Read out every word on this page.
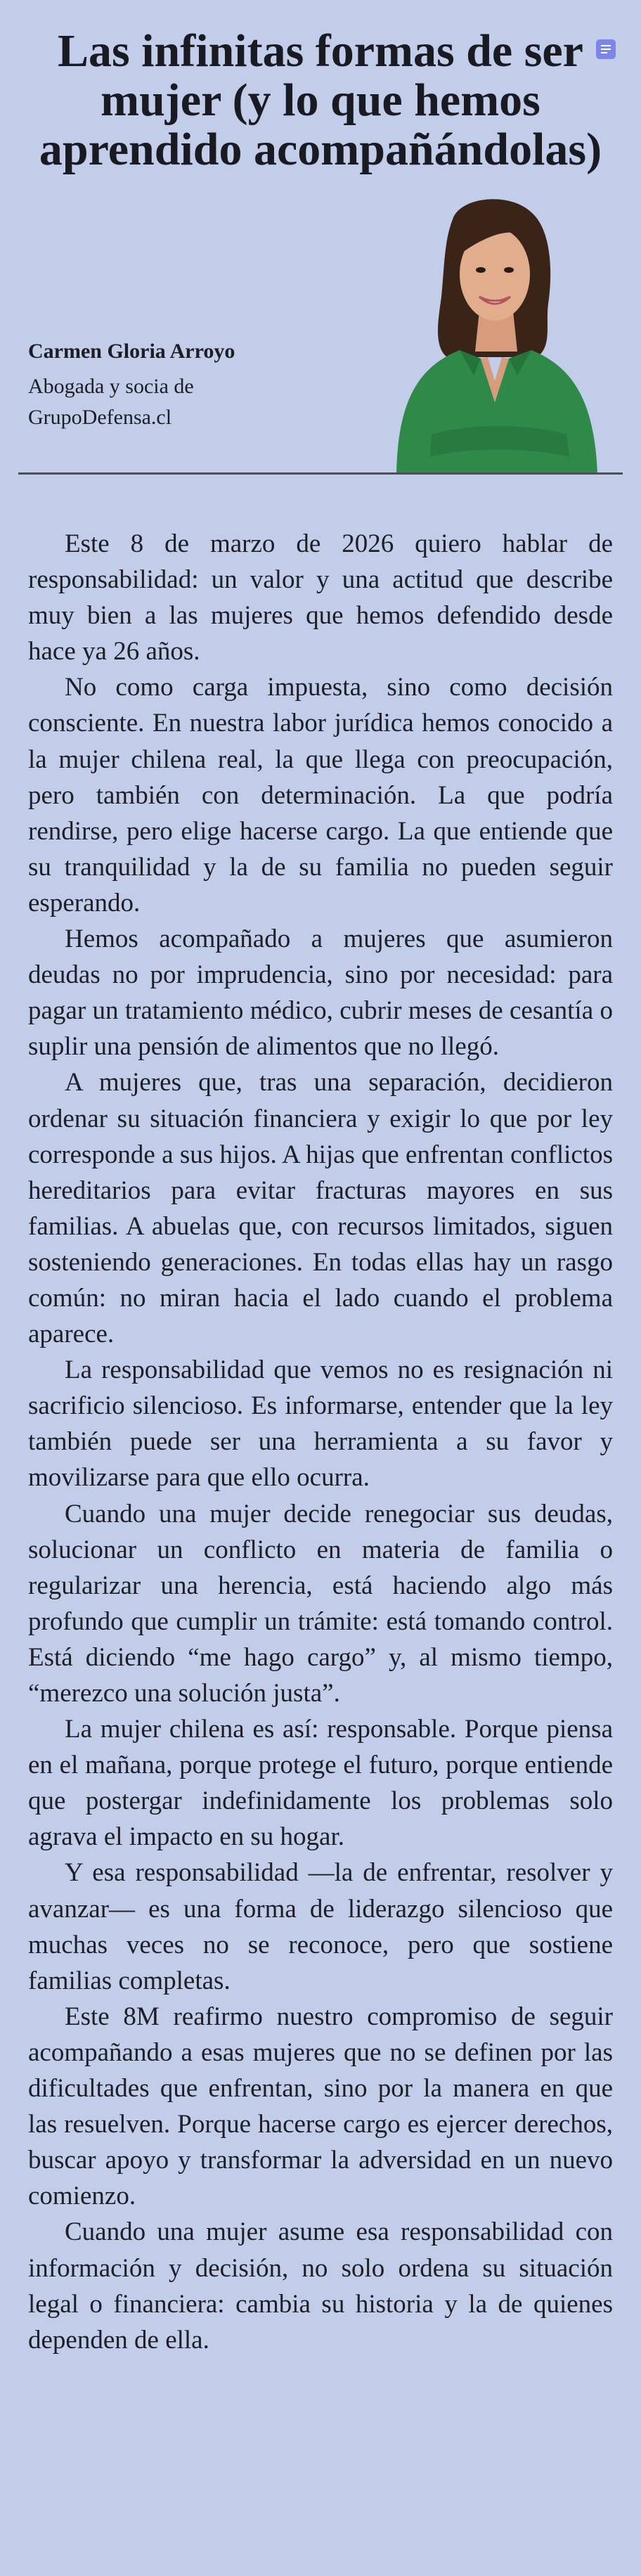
Las infinitas formas de ser mujer (y lo que hemos aprendido acompañándolas)
Carmen Gloria Arroyo
Abogada y socia de
GrupoDefensa.cl

Este 8 de marzo de 2026 quiero hablar de responsabilidad: un valor y una actitud que describe muy bien a las mujeres que hemos defendido desde hace ya 26 años.

No como carga impuesta, sino como decisión consciente. En nuestra labor jurídica hemos conocido a la mujer chilena real, la que llega con preocupación, pero también con determinación. La que podría rendirse, pero elige hacerse cargo. La que entiende que su tranquilidad y la de su familia no pueden seguir esperando.

Hemos acompañado a mujeres que asumieron deudas no por imprudencia, sino por necesidad: para pagar un tratamiento médico, cubrir meses de cesantía o suplir una pensión de alimentos que no llegó.

A mujeres que, tras una separación, decidieron ordenar su situación financiera y exigir lo que por ley corresponde a sus hijos. A hijas que enfrentan conflictos hereditarios para evitar fracturas mayores en sus familias. A abuelas que, con recursos limitados, siguen sosteniendo generaciones. En todas ellas hay un rasgo común: no miran hacia el lado cuando el problema aparece.

La responsabilidad que vemos no es resignación ni sacrificio silencioso. Es informarse, entender que la ley también puede ser una herramienta a su favor y movilizarse para que ello ocurra.

Cuando una mujer decide renegociar sus deudas, solucionar un conflicto en materia de familia o regularizar una herencia, está haciendo algo más profundo que cumplir un trámite: está tomando control. Está diciendo “me hago cargo” y, al mismo tiempo, “merezco una solución justa”.

La mujer chilena es así: responsable. Porque piensa en el mañana, porque protege el futuro, porque entiende que postergar indefinidamente los problemas solo agrava el impacto en su hogar.

Y esa responsabilidad —la de enfrentar, resolver y avanzar— es una forma de liderazgo silencioso que muchas veces no se reconoce, pero que sostiene familias completas.

Este 8M reafirmo nuestro compromiso de seguir acompañando a esas mujeres que no se definen por las dificultades que enfrentan, sino por la manera en que las resuelven. Porque hacerse cargo es ejercer derechos, buscar apoyo y transformar la adversidad en un nuevo comienzo.

Cuando una mujer asume esa responsabilidad con información y decisión, no solo ordena su situación legal o financiera: cambia su historia y la de quienes dependen de ella.
